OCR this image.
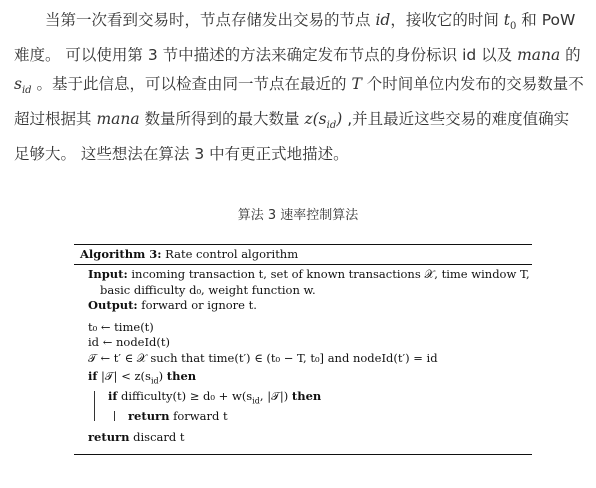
当第一次看到交易时，节点存储发出交易的节点 id，接收它的时间 $t_0$ 和 PoW 难度。 可以使用第 3 节中描述的方法来确定发布节点的身份标识 id 以及 mana 的 $s_{id}$ 。基于此信息，可以检查由同一节点在最近的 T 个时间单位内发布的交易数量不超过根据其 mana 数量所得到的最大数量 $z(s_{id})$ ,并且最近这些交易的难度值确实足够大。 这些想法在算法 3 中有更正式地描述。

算法 3 速率控制算法
Algorithm 3: Rate control algorithm
Input: incoming transaction t, set of known transactions 𝒳, time window T, basic difficulty d₀, weight function w.
Output: forward or ignore t.
t₀ ← time(t)
id ← nodeId(t)
𝒯 ← t′ ∈ 𝒳 such that time(t′) ∈ (t₀ − T, t₀] and nodeId(t′) = id
if |𝒯| < $z(s_{id})$ then
if difficulty(t) ≥ $d_0 + w(s_{id}$, |𝒯|) then
return forward t
return discard t
